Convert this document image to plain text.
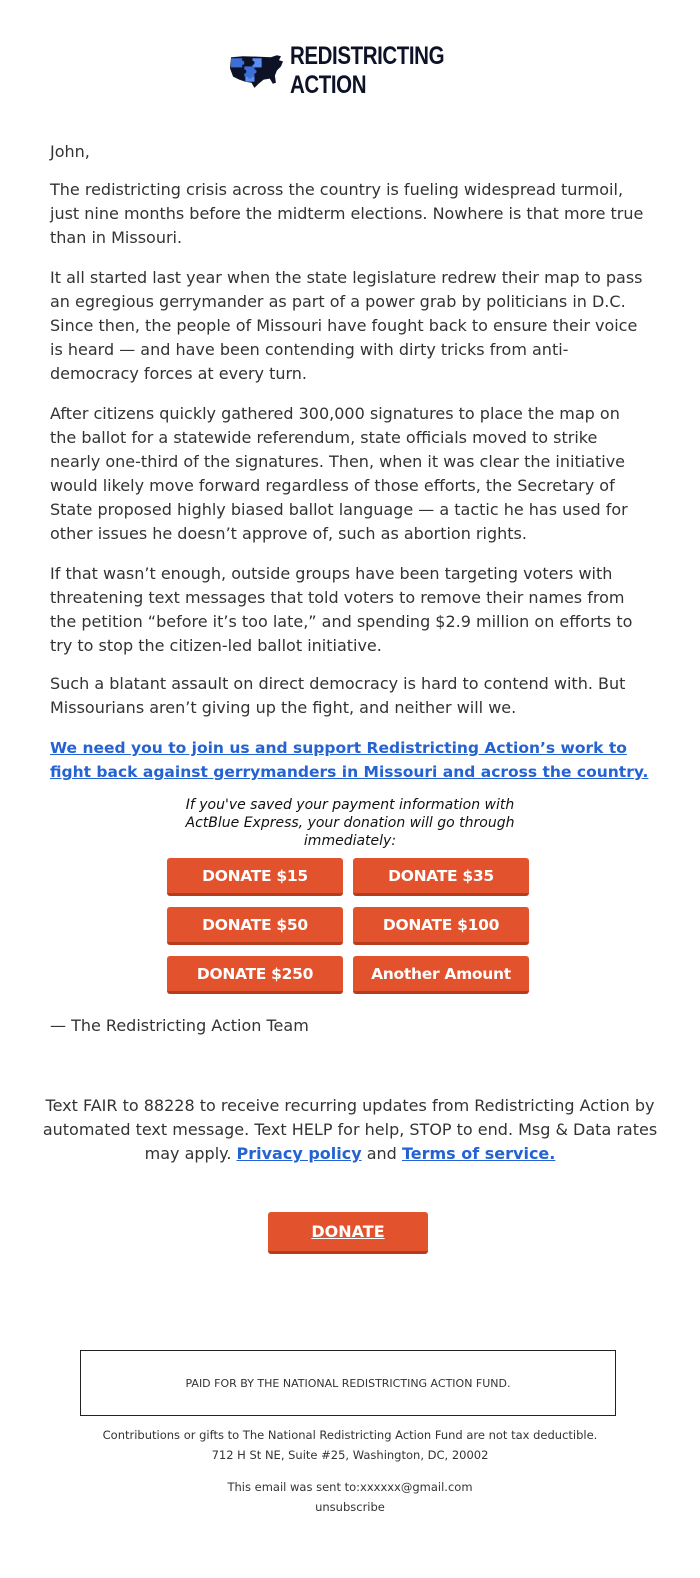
REDISTRICTING
ACTION
John,
The redistricting crisis across the country is fueling widespread turmoil, just nine months before the midterm elections. Nowhere is that more true than in Missouri.
It all started last year when the state legislature redrew their map to pass an egregious gerrymander as part of a power grab by politicians in D.C. Since then, the people of Missouri have fought back to ensure their voice is heard — and have been contending with dirty tricks from anti-democracy forces at every turn.
After citizens quickly gathered 300,000 signatures to place the map on the ballot for a statewide referendum, state officials moved to strike nearly one-third of the signatures. Then, when it was clear the initiative would likely move forward regardless of those efforts, the Secretary of State proposed highly biased ballot language — a tactic he has used for other issues he doesn’t approve of, such as abortion rights.
If that wasn’t enough, outside groups have been targeting voters with threatening text messages that told voters to remove their names from the petition “before it’s too late,” and spending $2.9 million on efforts to try to stop the citizen-led ballot initiative.
Such a blatant assault on direct democracy is hard to contend with. But Missourians aren’t giving up the fight, and neither will we.
We need you to join us and support Redistricting Action’s work to fight back against gerrymanders in Missouri and across the country.
If you've saved your payment information with ActBlue Express, your donation will go through immediately:
DONATE $15	DONATE $35
DONATE $50	DONATE $100
DONATE $250	Another Amount
— The Redistricting Action Team
Text FAIR to 88228 to receive recurring updates from Redistricting Action by automated text message. Text HELP for help, STOP to end. Msg & Data rates may apply. Privacy policy and Terms of service.
DONATE
PAID FOR BY THE NATIONAL REDISTRICTING ACTION FUND.
Contributions or gifts to The National Redistricting Action Fund are not tax deductible.
712 H St NE, Suite #25, Washington, DC, 20002
This email was sent to:xxxxxx@gmail.com
unsubscribe
